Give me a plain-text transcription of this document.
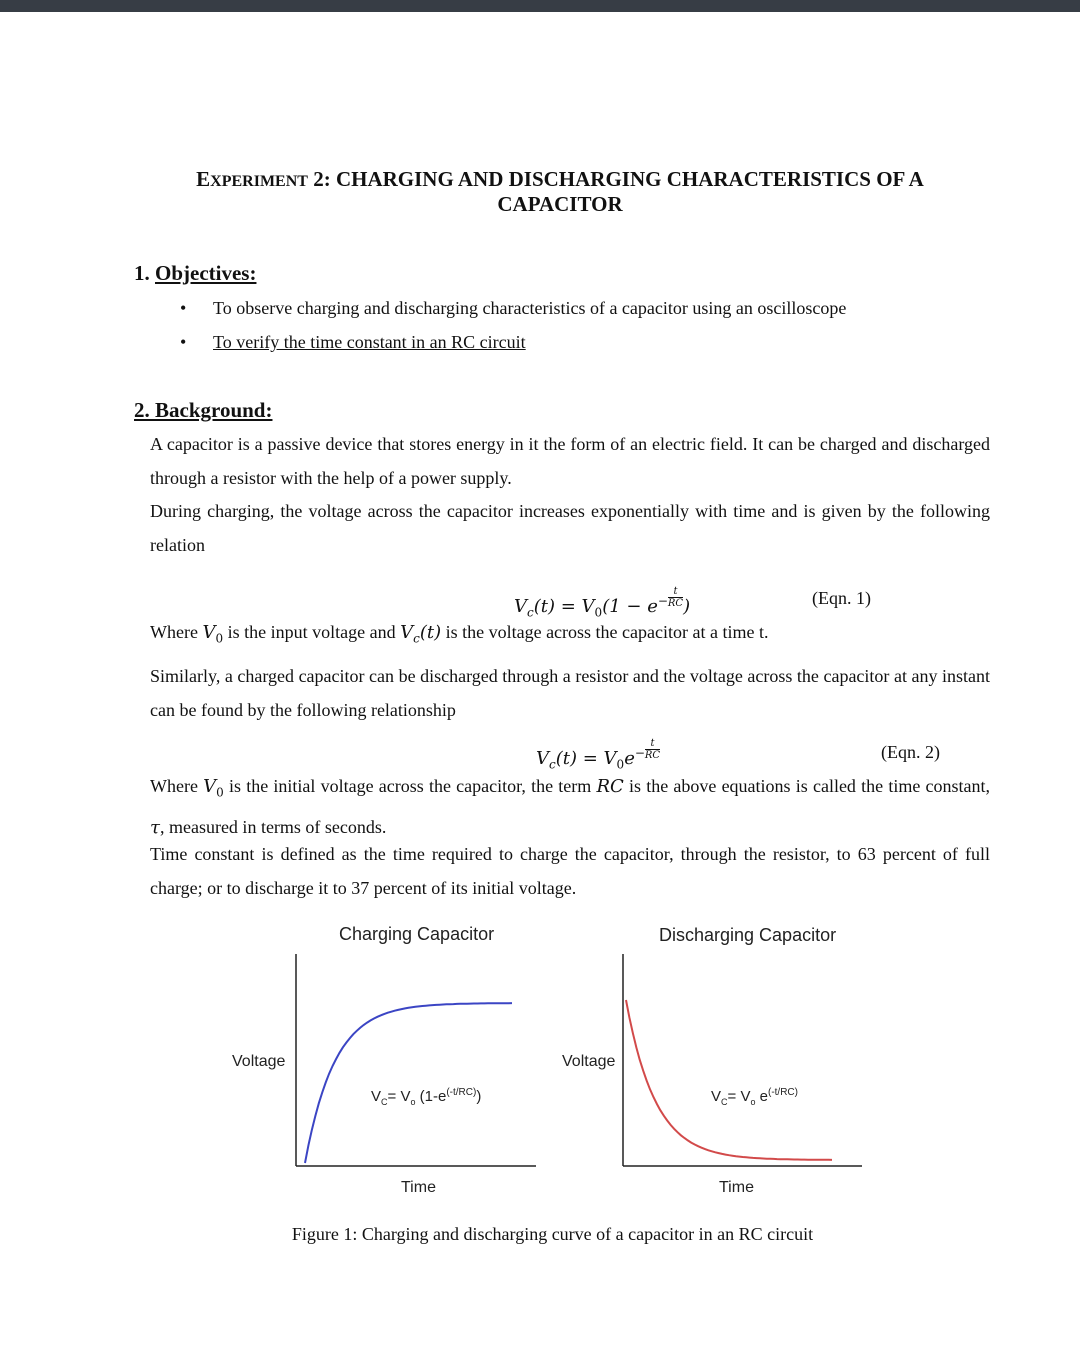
EXPERIMENT 2: CHARGING AND DISCHARGING CHARACTERISTICS OF A
CAPACITOR
1. Objectives:
• To observe charging and discharging characteristics of a capacitor using an oscilloscope
• To verify the time constant in an RC circuit
2. Background:
A capacitor is a passive device that stores energy in it the form of an electric field. It can be charged and discharged through a resistor with the help of a power supply.
During charging, the voltage across the capacitor increases exponentially with time and is given by the following relation
$V_c(t) = V_0(1 - e^- \frac{t}{RC}$ )	(Eqn. 1)
Where $V_0$ is the input voltage and $V_c(t)$ is the voltage across the capacitor at a time t.
Similarly, a charged capacitor can be discharged through a resistor and the voltage across the capacitor at any instant can be found by the following relationship
$V_c(t) = V_0e^- \frac{t}{RC}$	(Eqn. 2)
Where $V_0$ is the initial voltage across the capacitor, the term RC is the above equations is called the time constant, τ, measured in terms of seconds.
Time constant is defined as the time required to charge the capacitor, through the resistor, to 63 percent of full charge; or to discharge it to 37 percent of its initial voltage.
Charging Capacitor	Discharging Capacitor
Voltage
Time
Voltage
Time
$V_C= V_o$ $(1-e^{(-t/RC)})$	$V_C= V_o$ $e^{(-t/RC)}$
Figure 1: Charging and discharging curve of a capacitor in an RC circuit
